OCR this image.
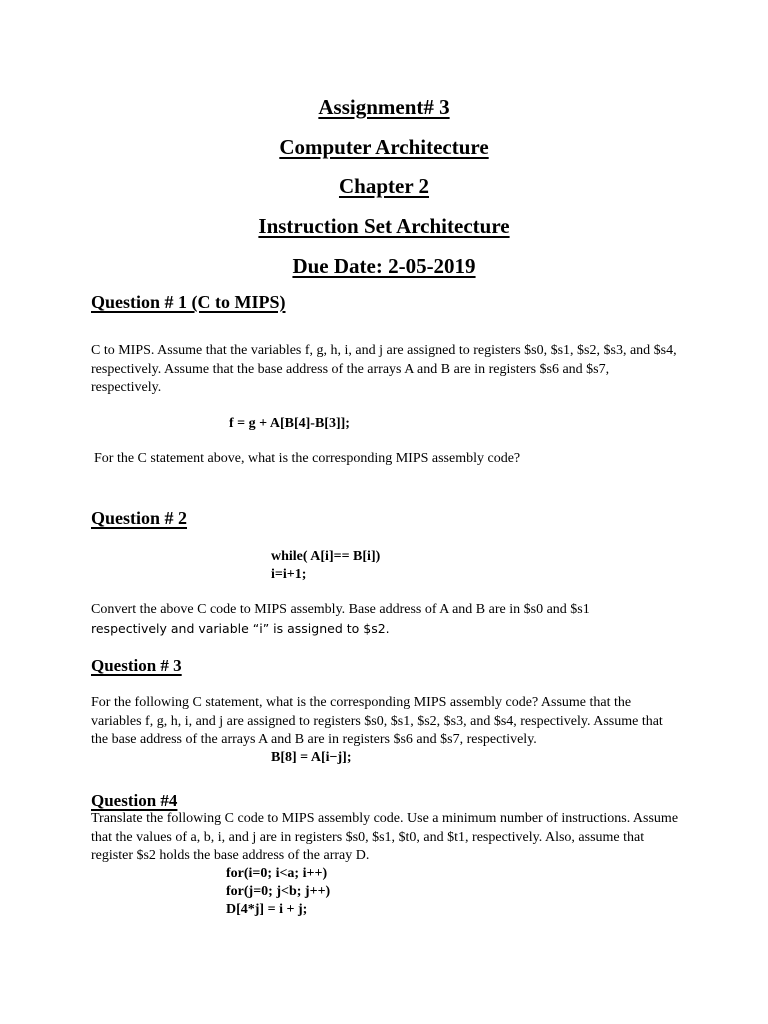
Assignment# 3
Computer Architecture
Chapter 2
Instruction Set Architecture
Due Date: 2-05-2019
Question # 1 (C to MIPS)

C to MIPS. Assume that the variables f, g, h, i, and j are assigned to registers $s0, $s1, $s2, $s3, and $s4, respectively. Assume that the base address of the arrays A and B are in registers $s6 and $s7, respectively.

f = g + A[B[4]-B[3]];

For the C statement above, what is the corresponding MIPS assembly code?

Question # 2
while( A[i]== B[i])
i=i+1;

Convert the above C code to MIPS assembly. Base address of A and B are in $s0 and $s1

respectively and variable “i” is assigned to $s2.

Question # 3

For the following C statement, what is the corresponding MIPS assembly code? Assume that the variables f, g, h, i, and j are assigned to registers $s0, $s1, $s2, $s3, and $s4, respectively. Assume that the base address of the arrays A and B are in registers $s6 and $s7, respectively.

B[8] = A[i−j];
Question #4

Translate the following C code to MIPS assembly code. Use a minimum number of instructions. Assume that the values of a, b, i, and j are in registers $s0, $s1, $t0, and $t1, respectively. Also, assume that register $s2 holds the base address of the array D.

for(i=0; i<a; i++)
for(j=0; j<b; j++)
D[4*j] = i + j;
